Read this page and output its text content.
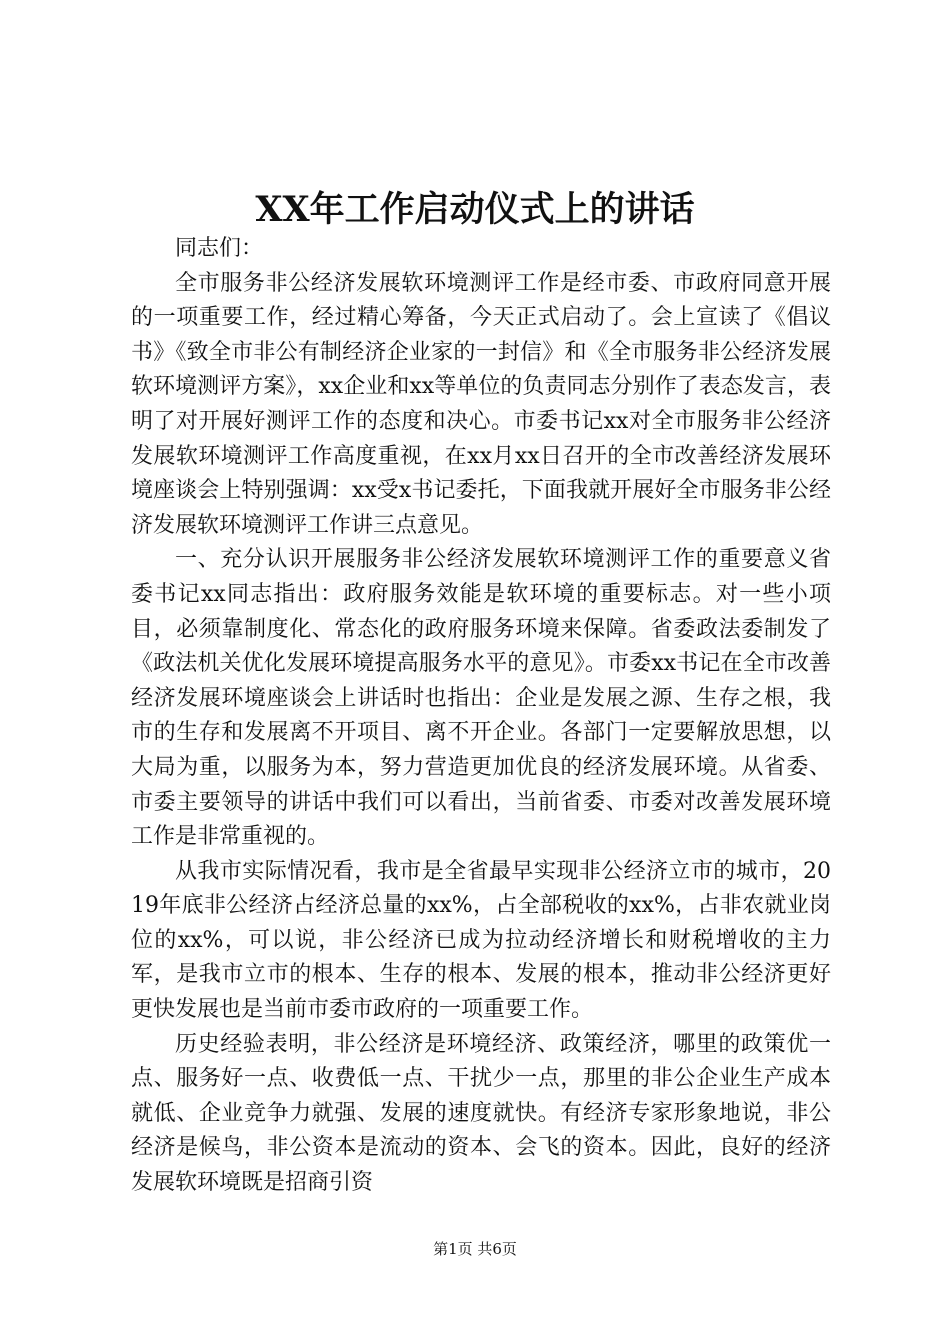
XX年工作启动仪式上的讲话

同志们：

全市服务非公经济发展软环境测评工作是经市委、市政府同意开展的一项重要工作，经过精心筹备，今天正式启动了。会上宣读了《倡议书》《致全市非公有制经济企业家的一封信》和《全市服务非公经济发展软环境测评方案》，xx企业和xx等单位的负责同志分别作了表态发言，表明了对开展好测评工作的态度和决心。市委书记xx对全市服务非公经济发展软环境测评工作高度重视，在xx月xx日召开的全市改善经济发展环境座谈会上特别强调：xx受x书记委托，下面我就开展好全市服务非公经济发展软环境测评工作讲三点意见。

一、充分认识开展服务非公经济发展软环境测评工作的重要意义省委书记xx同志指出：政府服务效能是软环境的重要标志。对一些小项目，必须靠制度化、常态化的政府服务环境来保障。省委政法委制发了《政法机关优化发展环境提高服务水平的意见》。市委xx书记在全市改善经济发展环境座谈会上讲话时也指出：企业是发展之源、生存之根，我市的生存和发展离不开项目、离不开企业。各部门一定要解放思想，以大局为重，以服务为本，努力营造更加优良的经济发展环境。从省委、市委主要领导的讲话中我们可以看出，当前省委、市委对改善发展环境工作是非常重视的。

从我市实际情况看，我市是全省最早实现非公经济立市的城市，2019年底非公经济占经济总量的xx%，占全部税收的xx%，占非农就业岗位的xx%，可以说，非公经济已成为拉动经济增长和财税增收的主力军，是我市立市的根本、生存的根本、发展的根本，推动非公经济更好更快发展也是当前市委市政府的一项重要工作。

历史经验表明，非公经济是环境经济、政策经济，哪里的政策优一点、服务好一点、收费低一点、干扰少一点，那里的非公企业生产成本就低、企业竞争力就强、发展的速度就快。有经济专家形象地说，非公经济是候鸟，非公资本是流动的资本、会飞的资本。因此，良好的经济发展软环境既是招商引资

第1页 共6页
